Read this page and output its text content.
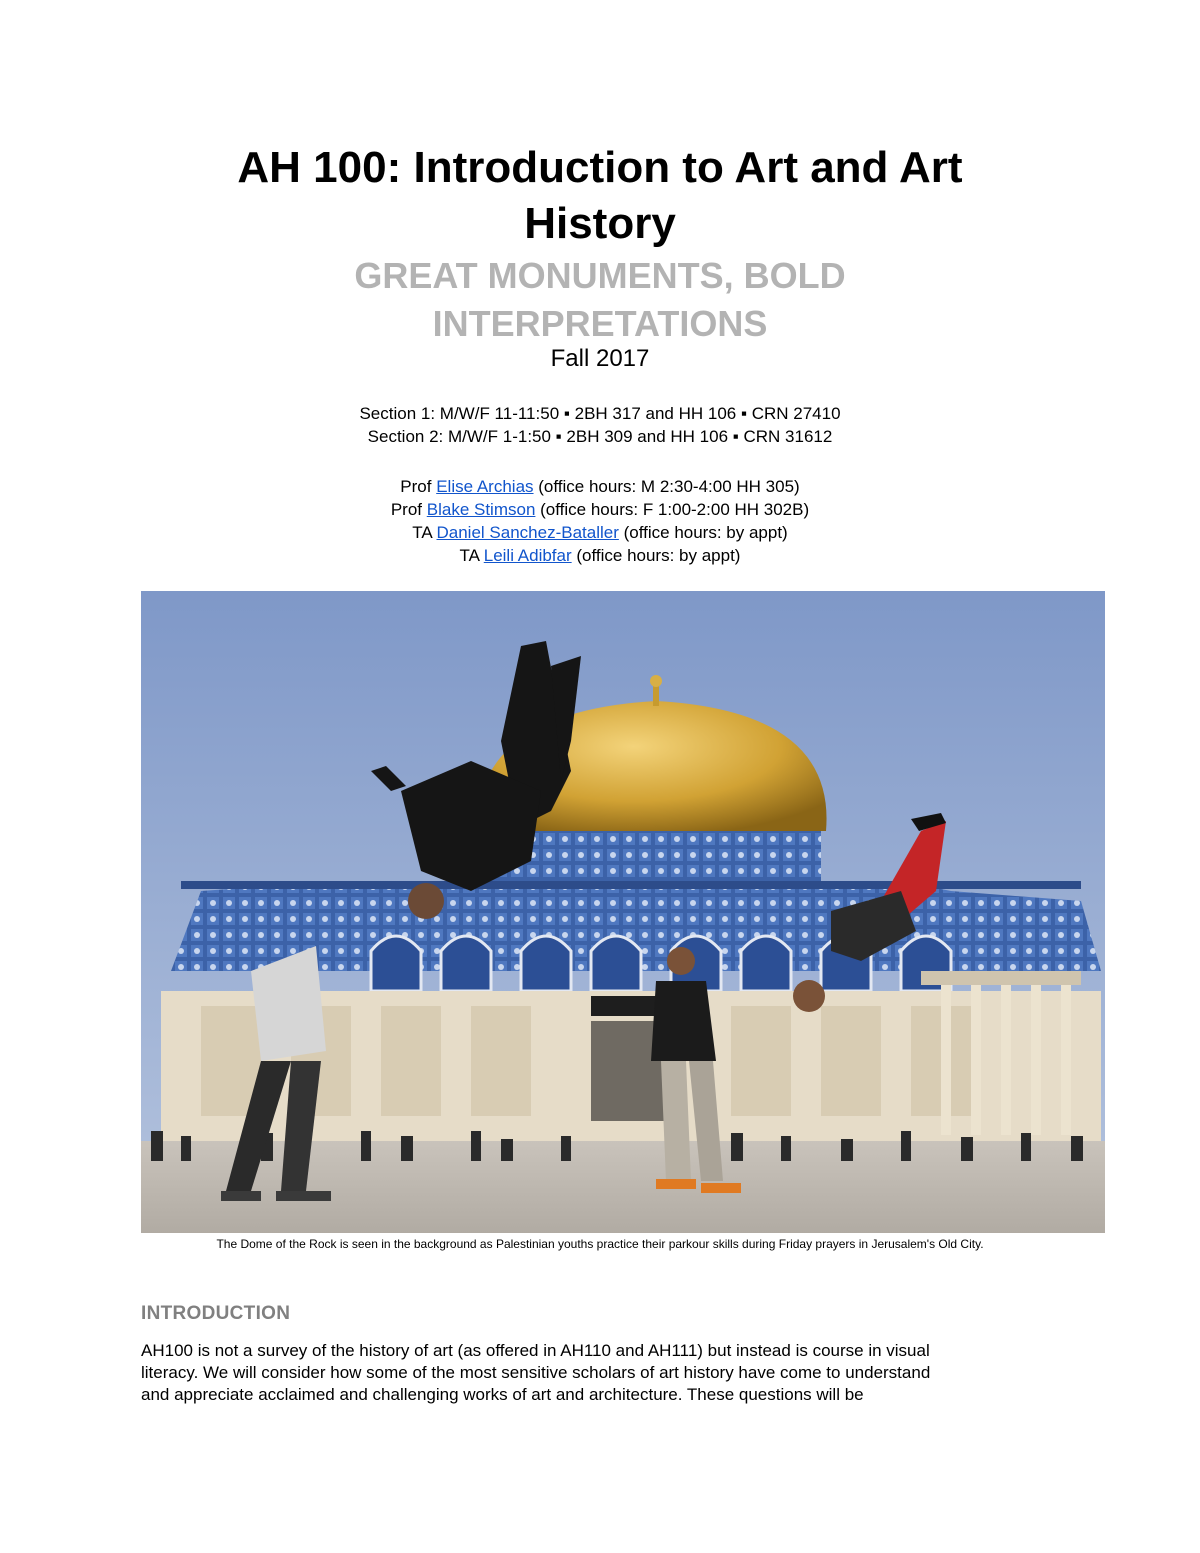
AH 100: Introduction to Art and Art
History
GREAT MONUMENTS, BOLD
INTERPRETATIONS
Fall 2017
Section 1: M/W/F 11-11:50 ▪ 2BH 317 and HH 106 ▪ CRN 27410
Section 2: M/W/F 1-1:50 ▪ 2BH 309 and HH 106 ▪ CRN 31612
Prof Elise Archias (office hours: M 2:30-4:00 HH 305)
Prof Blake Stimson (office hours: F 1:00-2:00 HH 302B)
TA Daniel Sanchez-Bataller (office hours: by appt)
TA Leili Adibfar (office hours: by appt)
The Dome of the Rock is seen in the background as Palestinian youths practice their parkour skills during Friday prayers in Jerusalem's Old City.
INTRODUCTION
AH100 is not a survey of the history of art (as offered in AH110 and AH111) but instead is course in visual
literacy. We will consider how some of the most sensitive scholars of art history have come to understand
and appreciate acclaimed and challenging works of art and architecture. These questions will be
